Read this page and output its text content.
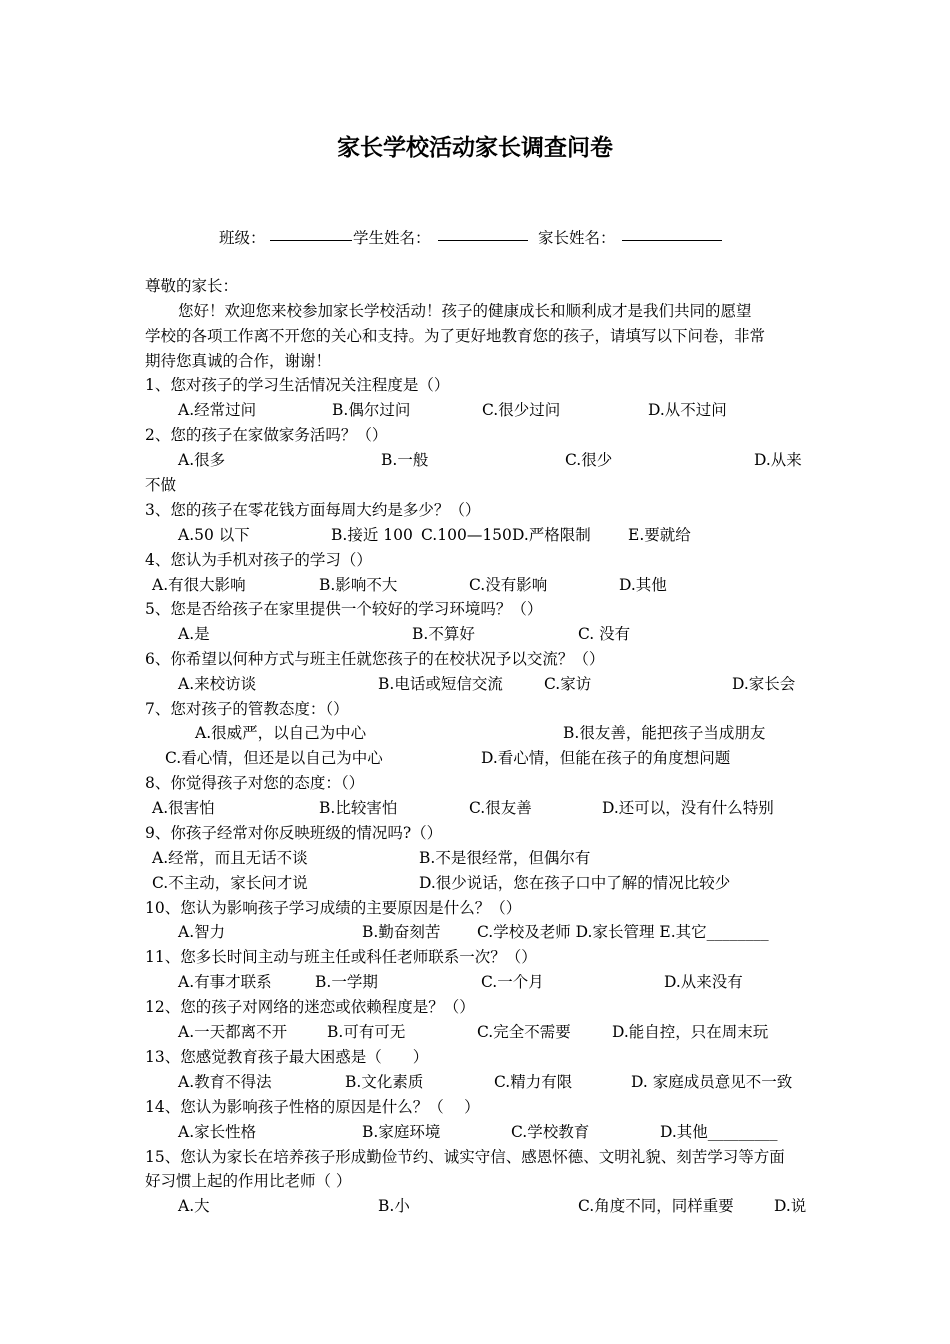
家长学校活动家长调查问卷
班级：	学生姓名：	家长姓名：
尊敬的家长：
您好！欢迎您来校参加家长学校活动！孩子的健康成长和顺利成才是我们共同的愿望
学校的各项工作离不开您的关心和支持。为了更好地教育您的孩子，请填写以下问卷，非常
期待您真诚的合作，谢谢！
1、您对孩子的学习生活情况关注程度是（）
A.经常过问	B.偶尔过问	C.很少过问	D.从不过问
2、您的孩子在家做家务活吗？（）
A.很多	B.一般	C.很少	D.从来
不做
3、您的孩子在零花钱方面每周大约是多少？（）
A.50 以下	B.接近 100 C.100—150 D.严格限制 E.要就给
4、您认为手机对孩子的学习（）
A.有很大影响	B.影响不大	C.没有影响	D.其他
5、您是否给孩子在家里提供一个较好的学习环境吗？（）
A.是	B.不算好	C. 没有
6、你希望以何种方式与班主任就您孩子的在校状况予以交流？（）
A.来校访谈	B.电话或短信交流	C.家访	D.家长会
7、您对孩子的管教态度：（）
A.很威严，以自己为中心	B.很友善，能把孩子当成朋友
C.看心情，但还是以自己为中心	D.看心情，但能在孩子的角度想问题
8、你觉得孩子对您的态度：（）
A.很害怕	B.比较害怕	C.很友善	D.还可以，没有什么特别
9、你孩子经常对你反映班级的情况吗?（）
A.经常，而且无话不谈	B.不是很经常，但偶尔有
C.不主动，家长问才说	D.很少说话，您在孩子口中了解的情况比较少
10、您认为影响孩子学习成绩的主要原因是什么？（）
A.智力	B.勤奋刻苦 C.学校及老师 D.家长管理 E.其它________
11、您多长时间主动与班主任或科任老师联系一次？（）
A.有事才联系	B.一学期	C.一个月	D.从来没有
12、您的孩子对网络的迷恋或依赖程度是？（）
A.一天都离不开	B.可有可无	C.完全不需要	D.能自控，只在周末玩
13、您感觉教育孩子最大困惑是（　　）
A.教育不得法	B.文化素质	C.精力有限	D. 家庭成员意见不一致
14、您认为影响孩子性格的原因是什么？（　 ）
A.家长性格	B.家庭环境	C.学校教育	D.其他_________
15、您认为家长在培养孩子形成勤俭节约、诚实守信、感恩怀德、文明礼貌、刻苦学习等方面
好习惯上起的作用比老师（ ）
A.大	B.小	C.角度不同，同样重要	D.说
